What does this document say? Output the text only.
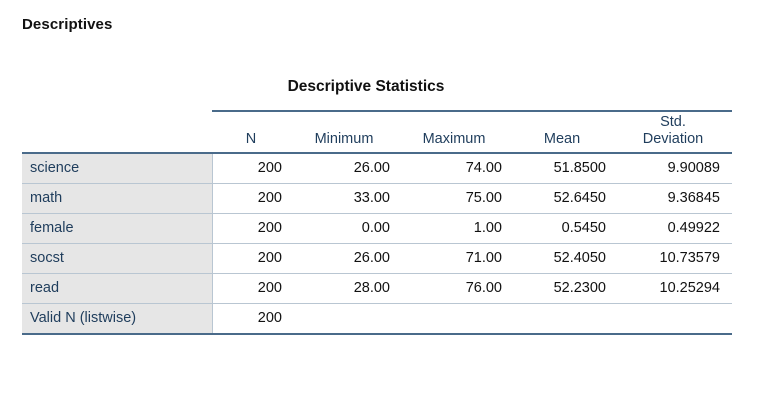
Descriptives
Descriptive Statistics
	N	Minimum	Maximum	Mean	Std.
Deviation

science	200	26.00	74.00	51.8500	9.90089
math	200	33.00	75.00	52.6450	9.36845
female	200	0.00	1.00	0.5450	0.49922
socst	200	26.00	71.00	52.4050	10.73579
read	200	28.00	76.00	52.2300	10.25294
Valid N (listwise)	200				
